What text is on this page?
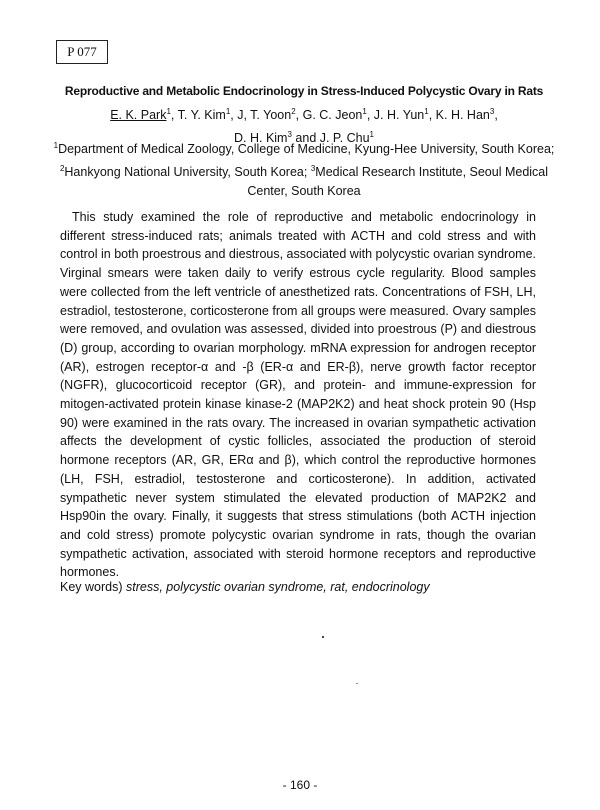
P 077
Reproductive and Metabolic Endocrinology in Stress-Induced Polycystic Ovary in Rats
E. K. Park$^1$, T. Y. Kim$^1$, J, T. Yoon$^2$, G. C. Jeon$^1$, J. H. Yun$^1$, K. H. Han$^3$,
D. H. Kim$^3$ and J. P. Chu$^1$
$^1$Department of Medical Zoology, College of Medicine, Kyung-Hee University, South Korea; $^2$Hankyong National University, South Korea; $^3$Medical Research Institute, Seoul Medical Center, South Korea

This study examined the role of reproductive and metabolic endocrinology in different stress-induced rats; animals treated with ACTH and cold stress and with control in both proestrous and diestrous, associated with polycystic ovarian syndrome. Virginal smears were taken daily to verify estrous cycle regularity. Blood samples were collected from the left ventricle of anesthetized rats. Concentrations of FSH, LH, estradiol, testosterone, corticosterone from all groups were measured. Ovary samples were removed, and ovulation was assessed, divided into proestrous (P) and diestrous (D) group, according to ovarian morphology. mRNA expression for androgen receptor (AR), estrogen receptor-α and -β (ER-α and ER-β), nerve growth factor receptor (NGFR), glucocorticoid receptor (GR), and protein- and immune-expression for mitogen-activated protein kinase kinase-2 (MAP2K2) and heat shock protein 90 (Hsp 90) were examined in the rats ovary. The increased in ovarian sympathetic activation affects the development of cystic follicles, associated the production of steroid hormone receptors (AR, GR, ERα and β), which control the reproductive hormones (LH, FSH, estradiol, testosterone and corticosterone). In addition, activated sympathetic never system stimulated the elevated production of MAP2K2 and Hsp90in the ovary. Finally, it suggests that stress stimulations (both ACTH injection and cold stress) promote polycystic ovarian syndrome in rats, though the ovarian sympathetic activation, associated with steroid hormone receptors and reproductive hormones.

Key words) stress, polycystic ovarian syndrome, rat, endocrinology
- 160 -
